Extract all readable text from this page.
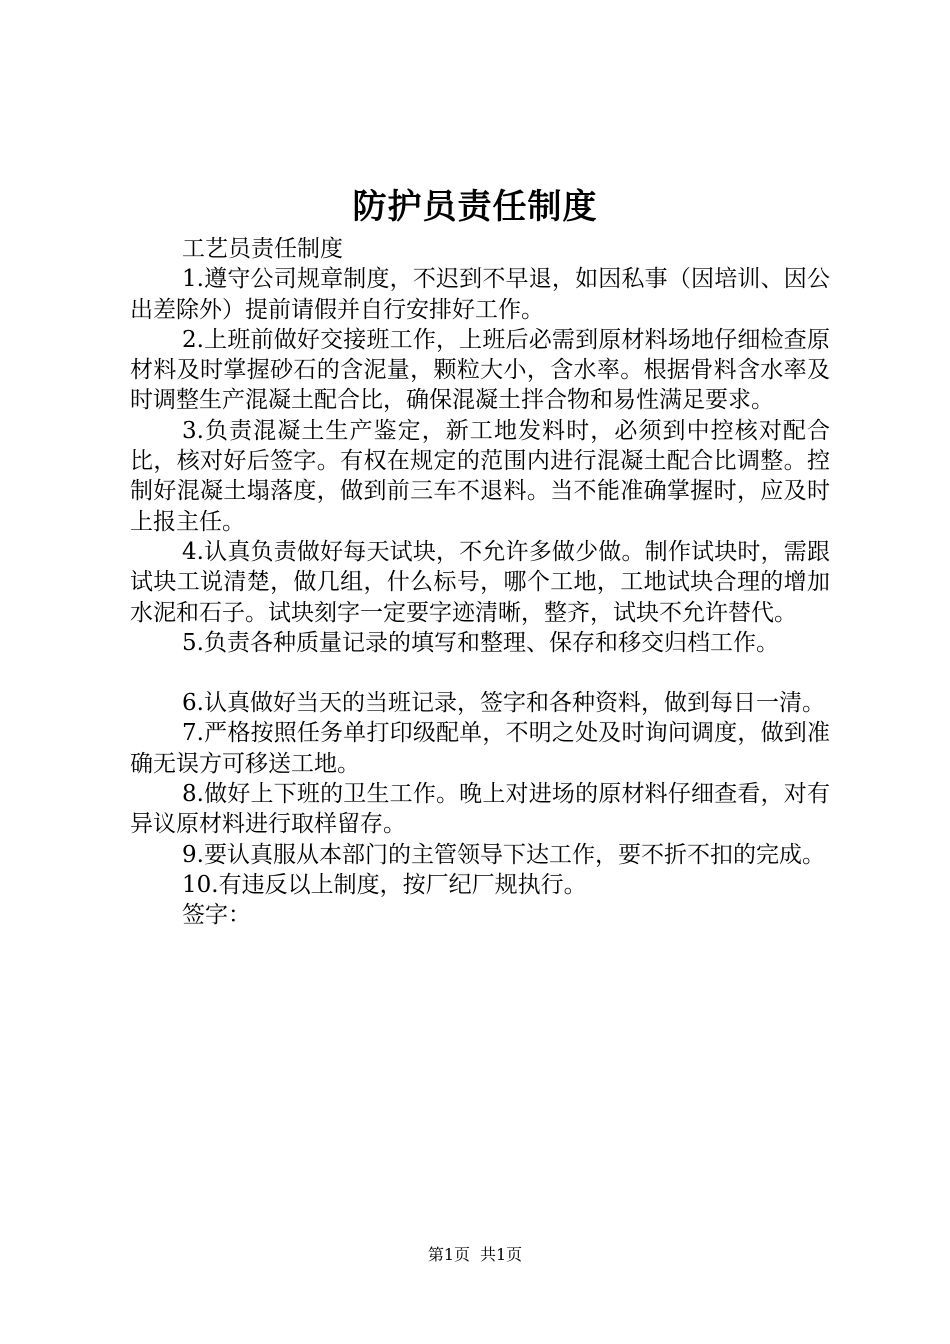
防护员责任制度

工艺员责任制度

1.遵守公司规章制度，不迟到不早退，如因私事（因培训、因公出差除外）提前请假并自行安排好工作。

2.上班前做好交接班工作，上班后必需到原材料场地仔细检查原材料及时掌握砂石的含泥量，颗粒大小，含水率。根据骨料含水率及时调整生产混凝土配合比，确保混凝土拌合物和易性满足要求。

3.负责混凝土生产鉴定，新工地发料时，必须到中控核对配合比，核对好后签字。有权在规定的范围内进行混凝土配合比调整。控制好混凝土塌落度，做到前三车不退料。当不能准确掌握时，应及时上报主任。

4.认真负责做好每天试块，不允许多做少做。制作试块时，需跟试块工说清楚，做几组，什么标号，哪个工地，工地试块合理的增加水泥和石子。试块刻字一定要字迹清晰，整齐，试块不允许替代。

5.负责各种质量记录的填写和整理、保存和移交归档工作。

6.认真做好当天的当班记录，签字和各种资料，做到每日一清。

7.严格按照任务单打印级配单，不明之处及时询问调度，做到准确无误方可移送工地。

8.做好上下班的卫生工作。晚上对进场的原材料仔细查看，对有异议原材料进行取样留存。

9.要认真服从本部门的主管领导下达工作，要不折不扣的完成。

10.有违反以上制度，按厂纪厂规执行。

签字：

第1页 共1页
